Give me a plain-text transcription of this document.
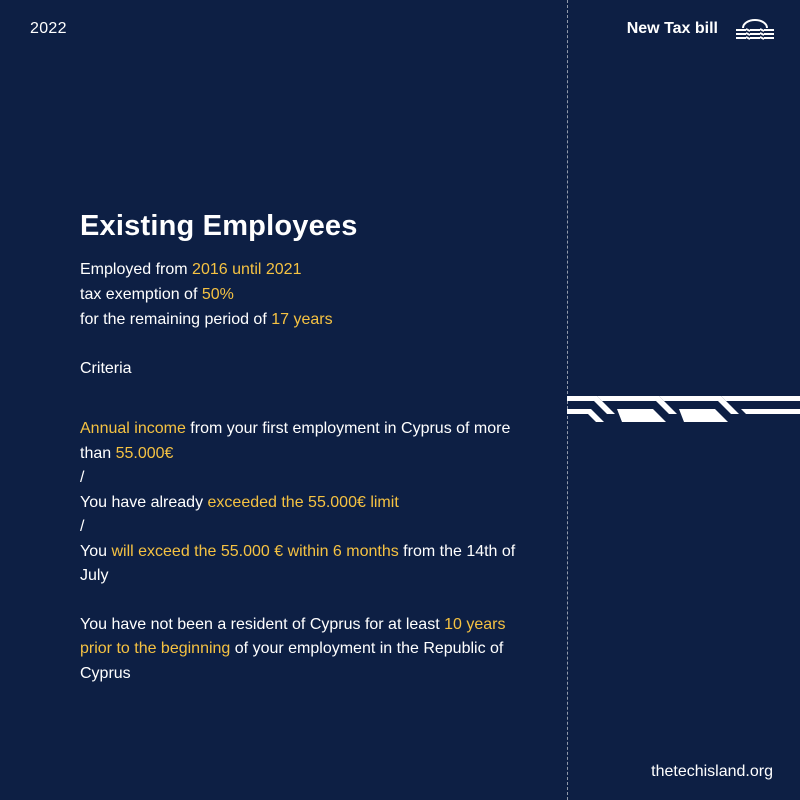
2022	New Tax bill
Existing Employees
Employed from 2016 until 2021
tax exemption of 50%
for the remaining period of 17 years
Criteria
Annual income from your first employment in Cyprus of more than 55.000€
/
You have already exceeded the 55.000€ limit
/
You will exceed the 55.000 € within 6 months from the 14th of July
You have not been a resident of Cyprus for at least 10 years prior to the beginning of your employment in the Republic of Cyprus
thetechisland.org
